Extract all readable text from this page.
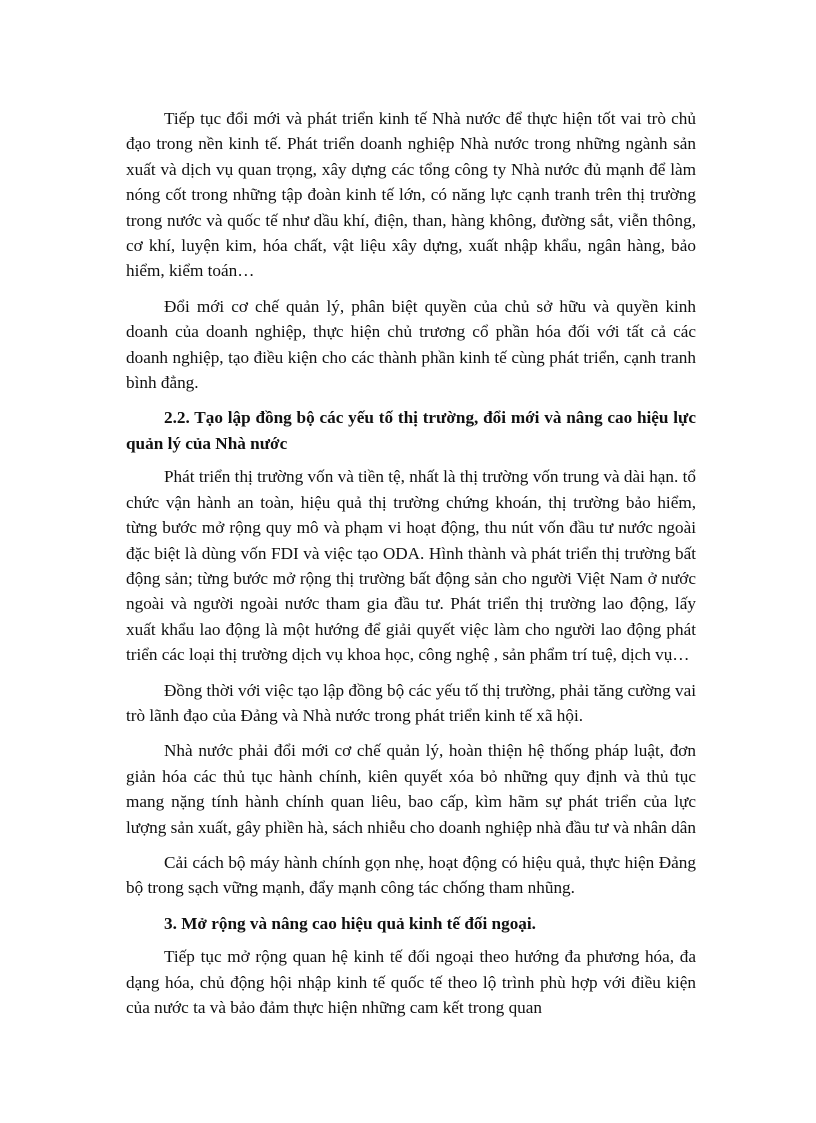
Tiếp tục đổi mới và phát triển kinh tế Nhà nước để thực hiện tốt vai trò chủ đạo trong nền kinh tế. Phát triển doanh nghiệp Nhà nước trong những ngành sản xuất và dịch vụ quan trọng, xây dựng các tổng công ty Nhà nước đủ mạnh để làm nóng cốt trong những tập đoàn kinh tế lớn, có năng lực cạnh tranh trên thị trường trong nước và quốc tế như dầu khí, điện, than, hàng không, đường sắt, viễn thông, cơ khí, luyện kim, hóa chất, vật liệu xây dựng, xuất nhập khẩu, ngân hàng, bảo hiểm, kiểm toán…

Đổi mới cơ chế quản lý, phân biệt quyền của chủ sở hữu và quyền kinh doanh của doanh nghiệp, thực hiện chủ trương cổ phần hóa đối với tất cả các doanh nghiệp, tạo điều kiện cho các thành phần kinh tế cùng phát triển, cạnh tranh bình đẳng.

2.2. Tạo lập đồng bộ các yếu tố thị trường, đổi mới và nâng cao hiệu lực quản lý của Nhà nước

Phát triển thị trường vốn và tiền tệ, nhất là thị trường vốn trung và dài hạn. tổ chức vận hành an toàn, hiệu quả thị trường chứng khoán, thị trường bảo hiểm, từng bước mở rộng quy mô và phạm vi hoạt động, thu nút vốn đầu tư nước ngoài đặc biệt là dùng vốn FDI và việc tạo ODA. Hình thành và phát triển thị trường bất động sản; từng bước mở rộng thị trường bất động sản cho người Việt Nam ở nước ngoài và người ngoài nước tham gia đầu tư. Phát triển thị trường lao động, lấy xuất khẩu lao động là một hướng để giải quyết việc làm cho người lao động phát triển các loại thị trường dịch vụ khoa học, công nghệ , sản phẩm trí tuệ, dịch vụ…

Đồng thời với việc tạo lập đồng bộ các yếu tố thị trường, phải tăng cường vai trò lãnh đạo của Đảng và Nhà nước trong phát triển kinh tế xã hội.

Nhà nước phải đổi mới cơ chế quản lý, hoàn thiện hệ thống pháp luật, đơn giản hóa các thủ tục hành chính, kiên quyết xóa bỏ những quy định và thủ tục mang nặng tính hành chính quan liêu, bao cấp, kìm hãm sự phát triển của lực lượng sản xuất, gây phiền hà, sách nhiễu cho doanh nghiệp nhà đầu tư và nhân dân

Cải cách bộ máy hành chính gọn nhẹ, hoạt động có hiệu quả, thực hiện Đảng bộ trong sạch vững mạnh, đẩy mạnh công tác chống tham nhũng.

3. Mở rộng và nâng cao hiệu quả kinh tế đối ngoại.

Tiếp tục mở rộng quan hệ kinh tế đối ngoại theo hướng đa phương hóa, đa dạng hóa, chủ động hội nhập kinh tế quốc tế theo lộ trình phù hợp với điều kiện của nước ta và bảo đảm thực hiện những cam kết trong quan
